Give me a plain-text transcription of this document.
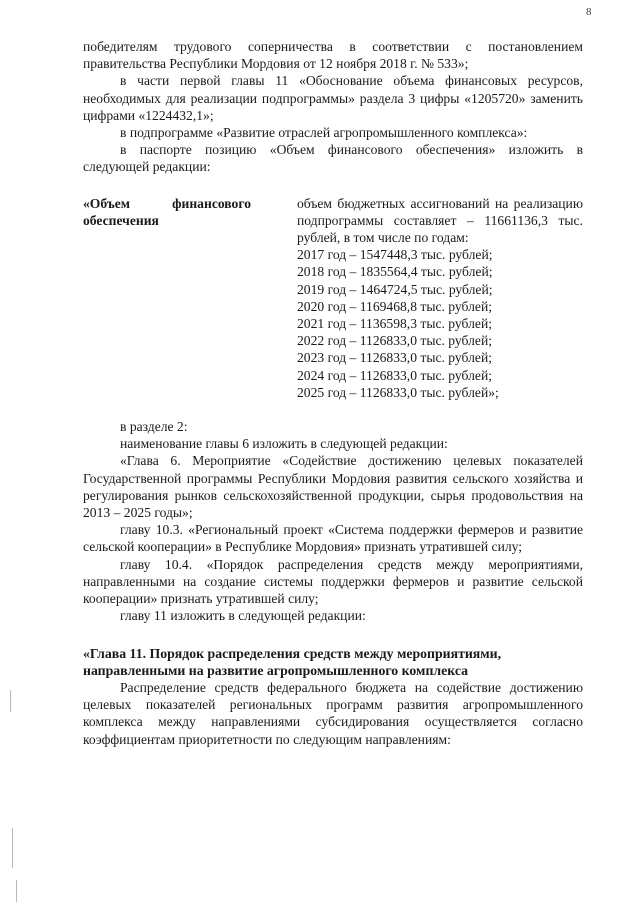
8

победителям трудового соперничества в соответствии с постановлением правительства Республики Мордовия от 12 ноября 2018 г. № 533»;

в части первой главы 11 «Обоснование объема финансовых ресурсов, необходимых для реализации подпрограммы» раздела 3 цифры «1205720» заменить цифрами «1224432,1»;

в подпрограмме «Развитие отраслей агропромышленного комплекса»:

в паспорте позицию «Объем финансового обеспечения» изложить в следующей редакции:

«Объем финансового

обеспечения

объем бюджетных ассигнований на реализацию подпрограммы составляет – 11661136,3 тыс. рублей, в том числе по годам:

2017 год – 1547448,3 тыс. рублей;

2018 год – 1835564,4 тыс. рублей;

2019 год – 1464724,5 тыс. рублей;

2020 год – 1169468,8 тыс. рублей;

2021 год – 1136598,3 тыс. рублей;

2022 год – 1126833,0 тыс. рублей;

2023 год – 1126833,0 тыс. рублей;

2024 год – 1126833,0 тыс. рублей;

2025 год – 1126833,0 тыс. рублей»;

в разделе 2:

наименование главы 6 изложить в следующей редакции:

«Глава 6. Мероприятие «Содействие достижению целевых показателей Государственной программы Республики Мордовия развития сельского хозяйства и регулирования рынков сельскохозяйственной продукции, сырья продовольствия на 2013 – 2025 годы»;

главу 10.3. «Региональный проект «Система поддержки фермеров и развитие сельской кооперации» в Республике Мордовия» признать утратившей силу;

главу 10.4. «Порядок распределения средств между мероприятиями, направленными на создание системы поддержки фермеров и развитие сельской кооперации» признать утратившей силу;

главу 11 изложить в следующей редакции:

«Глава 11. Порядок распределения средств между мероприятиями,
направленными на развитие агропромышленного комплекса

Распределение средств федерального бюджета на содействие достижению целевых показателей региональных программ развития агропромышленного комплекса между направлениями субсидирования осуществляется согласно коэффициентам приоритетности по следующим направлениям:
